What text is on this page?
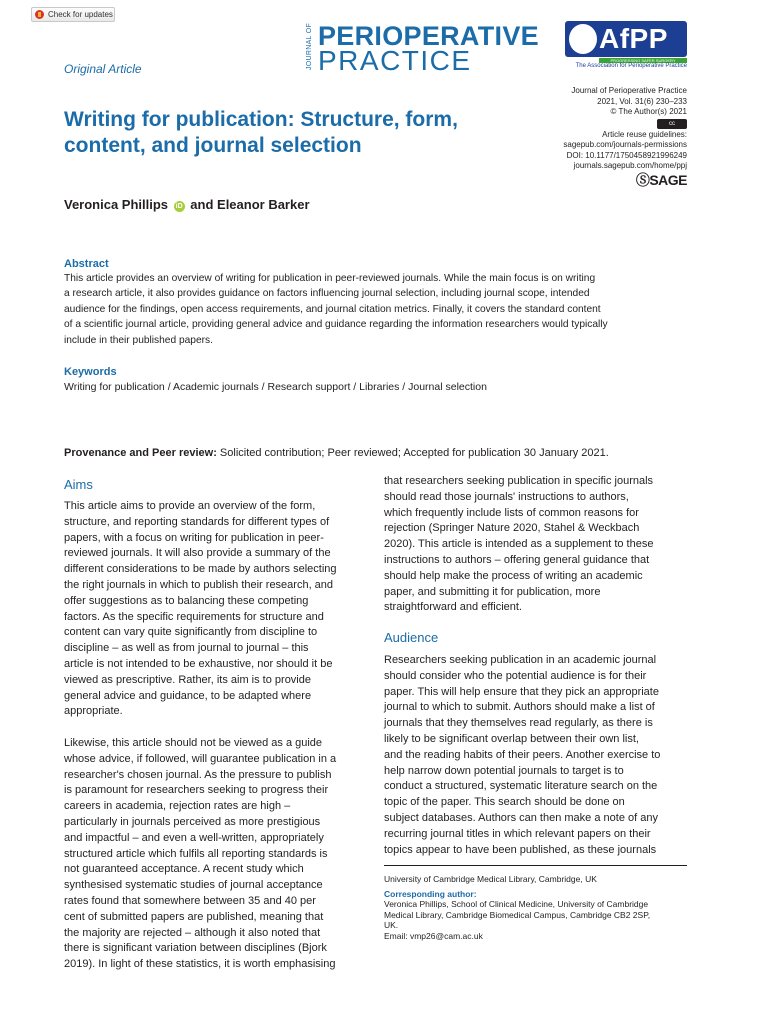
Check for updates
Original Article	JOURNAL OF PERIOPERATIVE
PRACTICE
AfPP
PROGRESSING SAFER SURGERY
The Association for Perioperative Practice
Journal of Perioperative Practice
2021, Vol. 31(6) 230–233
© The Author(s) 2021
cc
Article reuse guidelines:
sagepub.com/journals-permissions
DOI: 10.1177/1750458921996249
journals.sagepub.com/home/ppj
ⓈSAGE
Writing for publication: Structure, form, content, and journal selection
Veronica Phillips iD and Eleanor Barker
Abstract
This article provides an overview of writing for publication in peer-reviewed journals. While the main focus is on writing
a research article, it also provides guidance on factors influencing journal selection, including journal scope, intended
audience for the findings, open access requirements, and journal citation metrics. Finally, it covers the standard content
of a scientific journal article, providing general advice and guidance regarding the information researchers would typically
include in their published papers.
Keywords
Writing for publication / Academic journals / Research support / Libraries / Journal selection
Provenance and Peer review: Solicited contribution; Peer reviewed; Accepted for publication 30 January 2021.
Aims

This article aims to provide an overview of the form,
structure, and reporting standards for different types of
papers, with a focus on writing for publication in peer-
reviewed journals. It will also provide a summary of the
different considerations to be made by authors selecting
the right journals in which to publish their research, and
offer suggestions as to balancing these competing
factors. As the specific requirements for structure and
content can vary quite significantly from discipline to
discipline – as well as from journal to journal – this
article is not intended to be exhaustive, nor should it be
viewed as prescriptive. Rather, its aim is to provide
general advice and guidance, to be adapted where
appropriate.

Likewise, this article should not be viewed as a guide
whose advice, if followed, will guarantee publication in a
researcher's chosen journal. As the pressure to publish
is paramount for researchers seeking to progress their
careers in academia, rejection rates are high –
particularly in journals perceived as more prestigious
and impactful – and even a well-written, appropriately
structured article which fulfils all reporting standards is
not guaranteed acceptance. A recent study which
synthesised systematic studies of journal acceptance
rates found that somewhere between 35 and 40 per
cent of submitted papers are published, meaning that
the majority are rejected – although it also noted that
there is significant variation between disciplines (Bjork
2019). In light of these statistics, it is worth emphasising

that researchers seeking publication in specific journals
should read those journals' instructions to authors,
which frequently include lists of common reasons for
rejection (Springer Nature 2020, Stahel & Weckbach
2020). This article is intended as a supplement to these
instructions to authors – offering general guidance that
should help make the process of writing an academic
paper, and submitting it for publication, more
straightforward and efficient.

Audience

Researchers seeking publication in an academic journal
should consider who the potential audience is for their
paper. This will help ensure that they pick an appropriate
journal to which to submit. Authors should make a list of
journals that they themselves read regularly, as there is
likely to be significant overlap between their own list,
and the reading habits of their peers. Another exercise to
help narrow down potential journals to target is to
conduct a structured, systematic literature search on the
topic of the paper. This search should be done on
subject databases. Authors can then make a note of any
recurring journal titles in which relevant papers on their
topics appear to have been published, as these journals

University of Cambridge Medical Library, Cambridge, UK
Corresponding author:
Veronica Phillips, School of Clinical Medicine, University of Cambridge
Medical Library, Cambridge Biomedical Campus, Cambridge CB2 2SP,
UK.
Email: vmp26@cam.ac.uk
